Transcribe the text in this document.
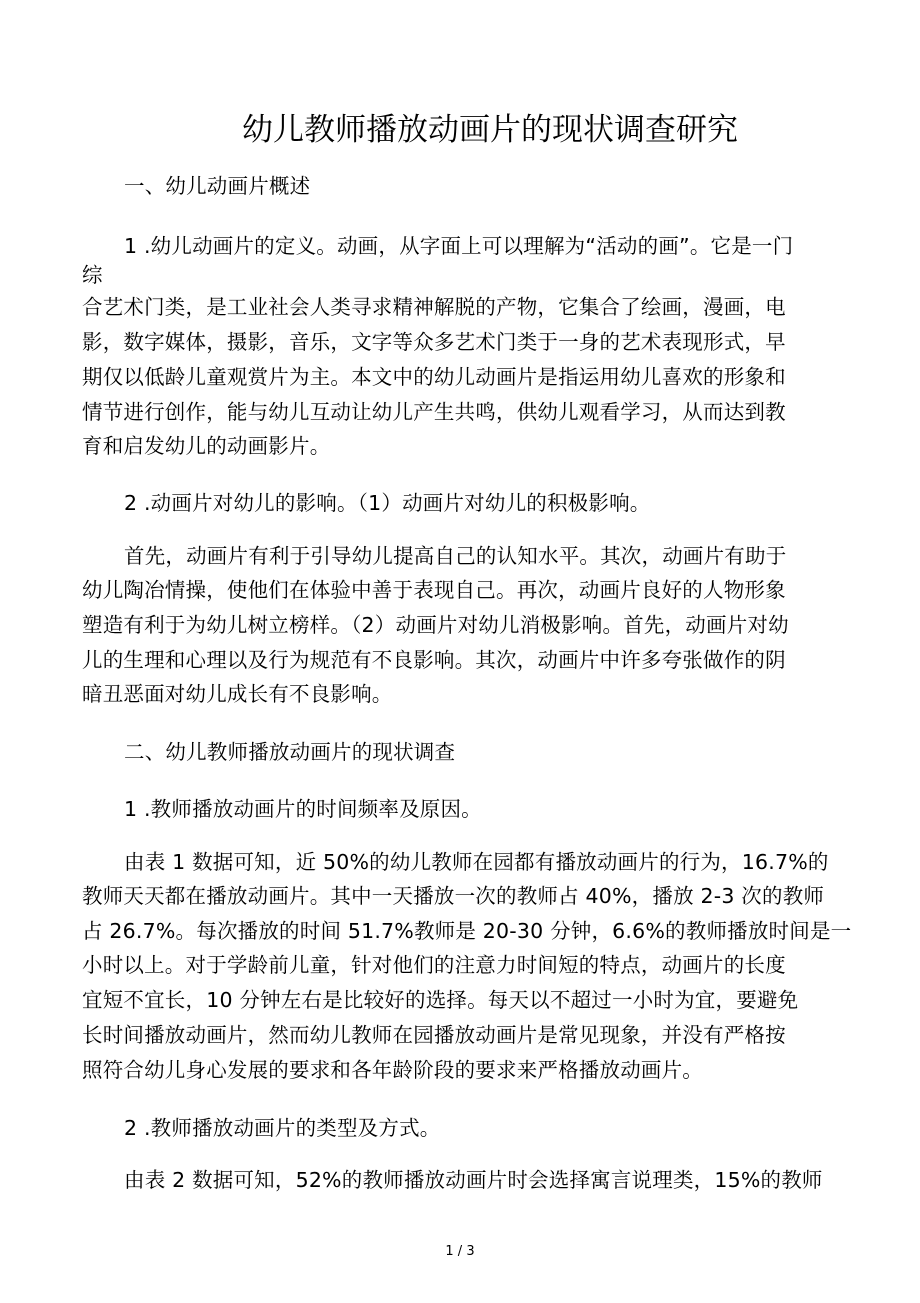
幼儿教师播放动画片的现状调查研究
一、幼儿动画片概述
1 .幼儿动画片的定义。动画，从字面上可以理解为“活动的画”。它是一门
综
合艺术门类，是工业社会人类寻求精神解脱的产物，它集合了绘画，漫画，电
影，数字媒体，摄影，音乐，文字等众多艺术门类于一身的艺术表现形式，早
期仅以低龄儿童观赏片为主。本文中的幼儿动画片是指运用幼儿喜欢的形象和
情节进行创作，能与幼儿互动让幼儿产生共鸣，供幼儿观看学习，从而达到教
育和启发幼儿的动画影片。
2 .动画片对幼儿的影响。（1）动画片对幼儿的积极影响。
首先，动画片有利于引导幼儿提高自己的认知水平。其次，动画片有助于
幼儿陶冶情操，使他们在体验中善于表现自己。再次，动画片良好的人物形象
塑造有利于为幼儿树立榜样。（2）动画片对幼儿消极影响。首先，动画片对幼
儿的生理和心理以及行为规范有不良影响。其次，动画片中许多夸张做作的阴
暗丑恶面对幼儿成长有不良影响。
二、幼儿教师播放动画片的现状调查
1 .教师播放动画片的时间频率及原因。
由表 1 数据可知，近 50%的幼儿教师在园都有播放动画片的行为，16.7%的
教师天天都在播放动画片。其中一天播放一次的教师占 40%，播放 2-3 次的教师
占 26.7%。每次播放的时间 51.7%教师是 20-30 分钟，6.6%的教师播放时间是一
小时以上。对于学龄前儿童，针对他们的注意力时间短的特点，动画片的长度
宜短不宜长，10 分钟左右是比较好的选择。每天以不超过一小时为宜，要避免
长时间播放动画片，然而幼儿教师在园播放动画片是常见现象，并没有严格按
照符合幼儿身心发展的要求和各年龄阶段的要求来严格播放动画片。
2 .教师播放动画片的类型及方式。
由表 2 数据可知，52%的教师播放动画片时会选择寓言说理类，15%的教师
1 / 3
